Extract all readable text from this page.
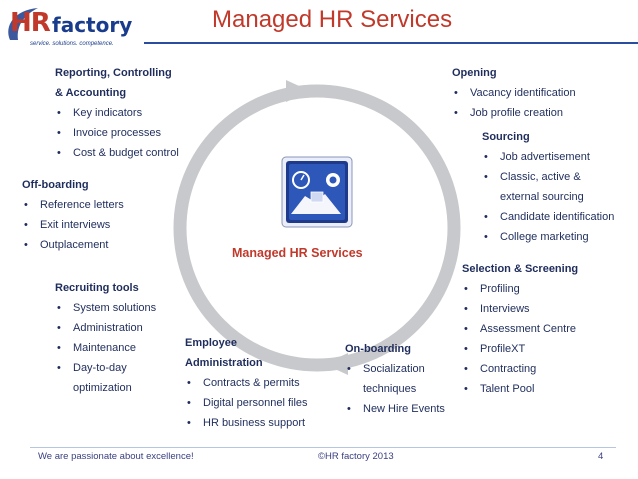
HR factory
service. solutions. competence.
Managed HR Services
Managed HR Services
Reporting, Controlling
& Accounting
• Key indicators
• Invoice processes
• Cost & budget control
Off-boarding
• Reference letters
• Exit interviews
• Outplacement
Recruiting tools
• System solutions
• Administration
• Maintenance
• Day-to-day
optimization
Employee
Administration
• Contracts & permits
• Digital personnel files
• HR business support
On-boarding
• Socialization
techniques
• New Hire Events
Opening
• Vacancy identification
• Job profile creation
Sourcing
• Job advertisement
• Classic, active &
external sourcing
• Candidate identification
• College marketing
Selection & Screening
• Profiling
• Interviews
• Assessment Centre
• ProfileXT
• Contracting
• Talent Pool
We are passionate about excellence!	©HR factory 2013	4
